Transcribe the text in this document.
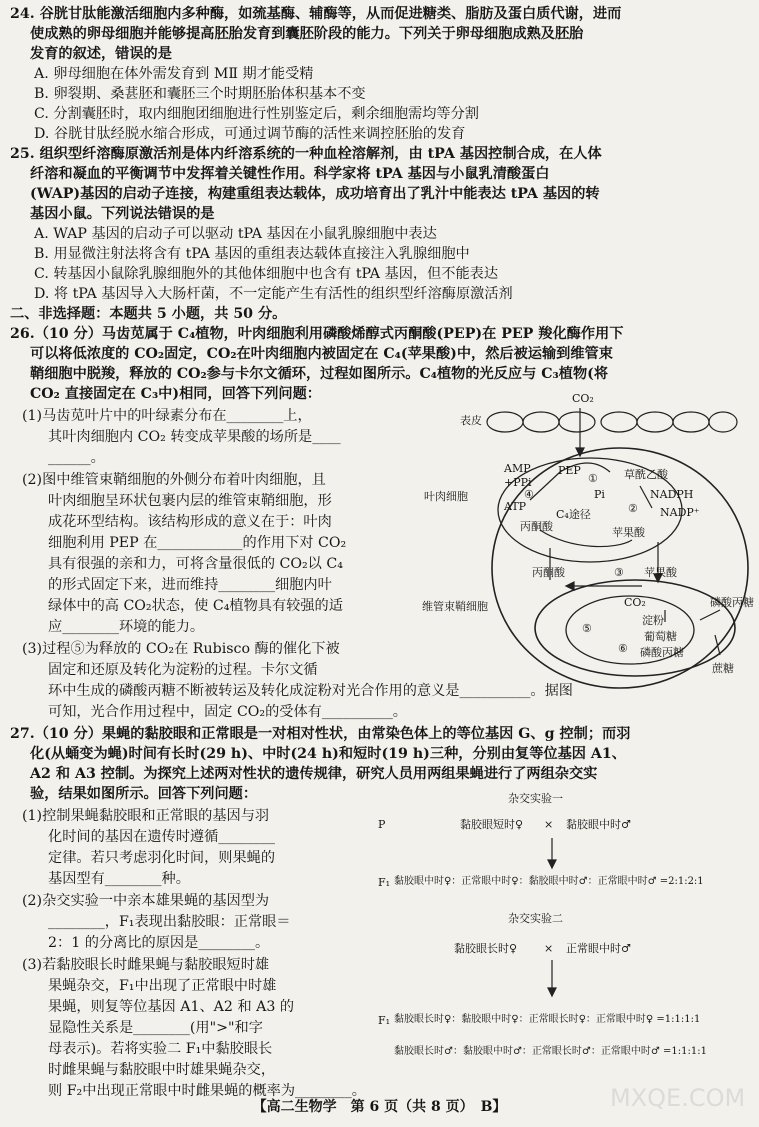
24. 谷胱甘肽能激活细胞内多种酶，如巯基酶、辅酶等，从而促进糖类、脂肪及蛋白质代谢，进而
使成熟的卵母细胞并能够提高胚胎发育到囊胚阶段的能力。下列关于卵母细胞成熟及胚胎
发育的叙述，错误的是
A. 卵母细胞在体外需发育到 MⅡ 期才能受精
B. 卵裂期、桑葚胚和囊胚三个时期胚胎体积基本不变
C. 分割囊胚时，取内细胞团细胞进行性别鉴定后，剩余细胞需均等分割
D. 谷胱甘肽经脱水缩合形成，可通过调节酶的活性来调控胚胎的发育
25. 组织型纤溶酶原激活剂是体内纤溶系统的一种血栓溶解剂，由 tPA 基因控制合成，在人体
纤溶和凝血的平衡调节中发挥着关键性作用。科学家将 tPA 基因与小鼠乳清酸蛋白
(WAP)基因的启动子连接，构建重组表达载体，成功培育出了乳汁中能表达 tPA 基因的转
基因小鼠。下列说法错误的是
A. WAP 基因的启动子可以驱动 tPA 基因在小鼠乳腺细胞中表达
B. 用显微注射法将含有 tPA 基因的重组表达载体直接注入乳腺细胞中
C. 转基因小鼠除乳腺细胞外的其他体细胞中也含有 tPA 基因，但不能表达
D. 将 tPA 基因导入大肠杆菌，不一定能产生有活性的组织型纤溶酶原激活剂
二、非选择题：本题共 5 小题，共 50 分。
26.（10 分）马齿苋属于 C₄植物，叶肉细胞利用磷酸烯醇式丙酮酸(PEP)在 PEP 羧化酶作用下
可以将低浓度的 CO₂固定，CO₂在叶肉细胞内被固定在 C₄(苹果酸)中，然后被运输到维管束
鞘细胞中脱羧，释放的 CO₂参与卡尔文循环，过程如图所示。C₄植物的光反应与 C₃植物(将
CO₂ 直接固定在 C₃中)相同，回答下列问题：
(1)马齿苋叶片中的叶绿素分布在________上，
其叶肉细胞内 CO₂ 转变成苹果酸的场所是____
______。
(2)图中维管束鞘细胞的外侧分布着叶肉细胞，且
叶肉细胞呈环状包裹内层的维管束鞘细胞，形
成花环型结构。该结构形成的意义在于：叶肉
细胞利用 PEP 在____________的作用下对 CO₂
具有很强的亲和力，可将含量很低的 CO₂以 C₄
的形式固定下来，进而维持________细胞内叶
绿体中的高 CO₂状态，使 C₄植物具有较强的适
应________环境的能力。
(3)过程⑤为释放的 CO₂在 Rubisco 酶的催化下被
固定和还原及转化为淀粉的过程。卡尔文循
环中生成的磷酸丙糖不断被转运及转化成淀粉对光合作用的意义是__________。据图
可知，光合作用过程中，固定 CO₂的受体有__________。
表皮
CO₂
叶肉细胞
AMP
+PPi
ATP
PEP
①
Pi
草酰乙酸
NADPH
④
C₄途径	② NADP⁺
丙酮酸	苹果酸
丙酮酸	③ 苹果酸
维管束鞘细胞	CO₂
淀粉
葡萄糖
磷酸丙糖
⑤
⑥
磷酸丙糖
蔗糖
27.（10 分）果蝇的黏胶眼和正常眼是一对相对性状，由常染色体上的等位基因 G、g 控制；而羽
化(从蛹变为蝇)时间有长时(29 h)、中时(24 h)和短时(19 h)三种，分别由复等位基因 A1、
A2 和 A3 控制。为探究上述两对性状的遗传规律，研究人员用两组果蝇进行了两组杂交实
验，结果如图所示。回答下列问题：
(1)控制果蝇黏胶眼和正常眼的基因与羽
化时间的基因在遗传时遵循________
定律。若只考虑羽化时间，则果蝇的
基因型有________种。
(2)杂交实验一中亲本雄果蝇的基因型为
________，F₁表现出黏胶眼：正常眼＝
2：1 的分离比的原因是________。
(3)若黏胶眼长时雌果蝇与黏胶眼短时雄
果蝇杂交，F₁中出现了正常眼中时雄
果蝇，则复等位基因 A1、A2 和 A3 的
显隐性关系是________(用">"和字
母表示)。若将实验二 F₁中黏胶眼长
时雌果蝇与黏胶眼中时雄果蝇杂交，
则 F₂中出现正常眼中时雌果蝇的概率为________。
杂交实验一
P	黏胶眼短时♀ × 黏胶眼中时♂
F₁ 黏胶眼中时♀：正常眼中时♀：黏胶眼中时♂：正常眼中时♂ =2:1:2:1
杂交实验二
黏胶眼长时♀ × 正常眼中时♂
F₁ 黏胶眼长时♀：黏胶眼中时♀：正常眼长时♀：正常眼中时♀ =1:1:1:1
黏胶眼长时♂：黏胶眼中时♂：正常眼长时♂：正常眼中时♂ =1:1:1:1
MXQE.COM
【高二生物学　第 6 页（共 8 页）　B】
